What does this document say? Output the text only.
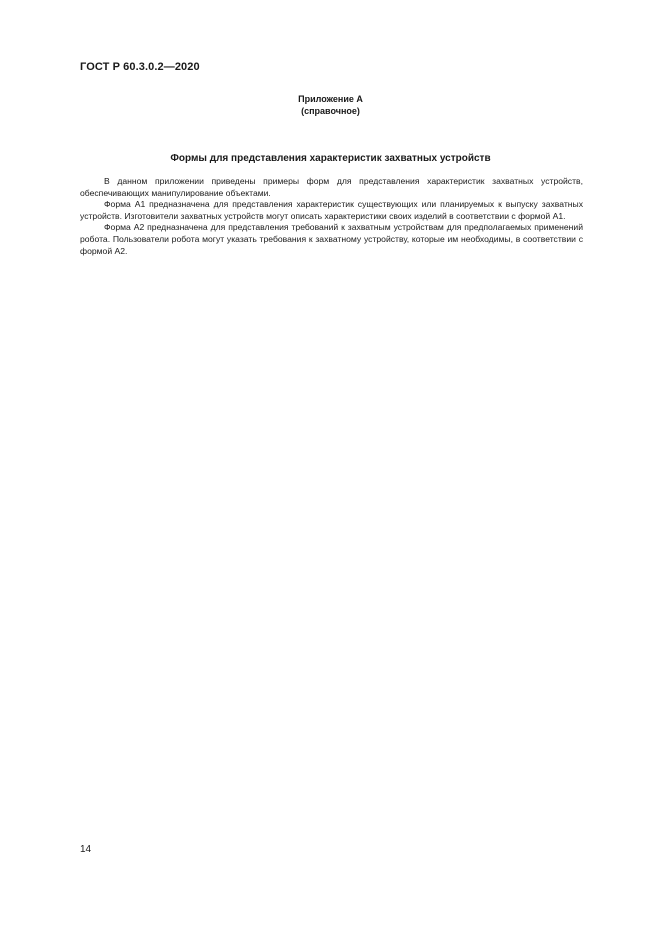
ГОСТ Р 60.3.0.2—2020
Приложение А
(справочное)
Формы для представления характеристик захватных устройств

В данном приложении приведены примеры форм для представления характеристик захватных устройств, обеспечивающих манипулирование объектами.

Форма А1 предназначена для представления характеристик существующих или планируемых к выпуску захватных устройств. Изготовители захватных устройств могут описать характеристики своих изделий в соответствии с формой А1.

Форма А2 предназначена для представления требований к захватным устройствам для предполагаемых применений робота. Пользователи робота могут указать требования к захватному устройству, которые им необходимы, в соответствии с формой А2.

14
